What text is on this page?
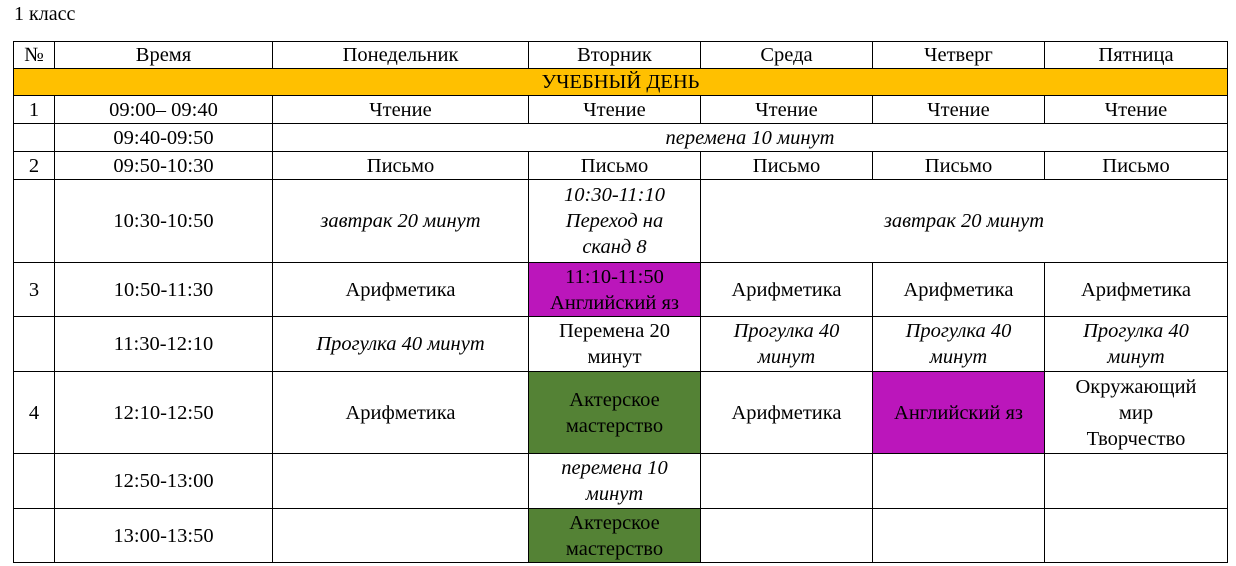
1 класс
№	Время	Понедельник	Вторник	Среда	Четверг	Пятница
УЧЕБНЫЙ ДЕНЬ						
1	09:00– 09:40	Чтение	Чтение	Чтение	Чтение	Чтение
	09:40-09:50	перемена 10 минут				
2	09:50-10:30	Письмо	Письмо	Письмо	Письмо	Письмо
	10:30-10:50	завтрак 20 минут	10:30-11:10
Переход на
сканд 8	завтрак 20 минут		
3	10:50-11:30	Арифметика	11:10-11:50
Английский яз	Арифметика	Арифметика	Арифметика
	11:30-12:10	Прогулка 40 минут	Перемена 20
минут	Прогулка 40
минут	Прогулка 40
минут	Прогулка 40
минут

4	12:10-12:50	Арифметика	Актерское
мастерство	Арифметика	Английский яз	Окружающий
мир
Творчество

	12:50-13:00		перемена 10
минут			

	13:00-13:50		Актерское
мастерство			
